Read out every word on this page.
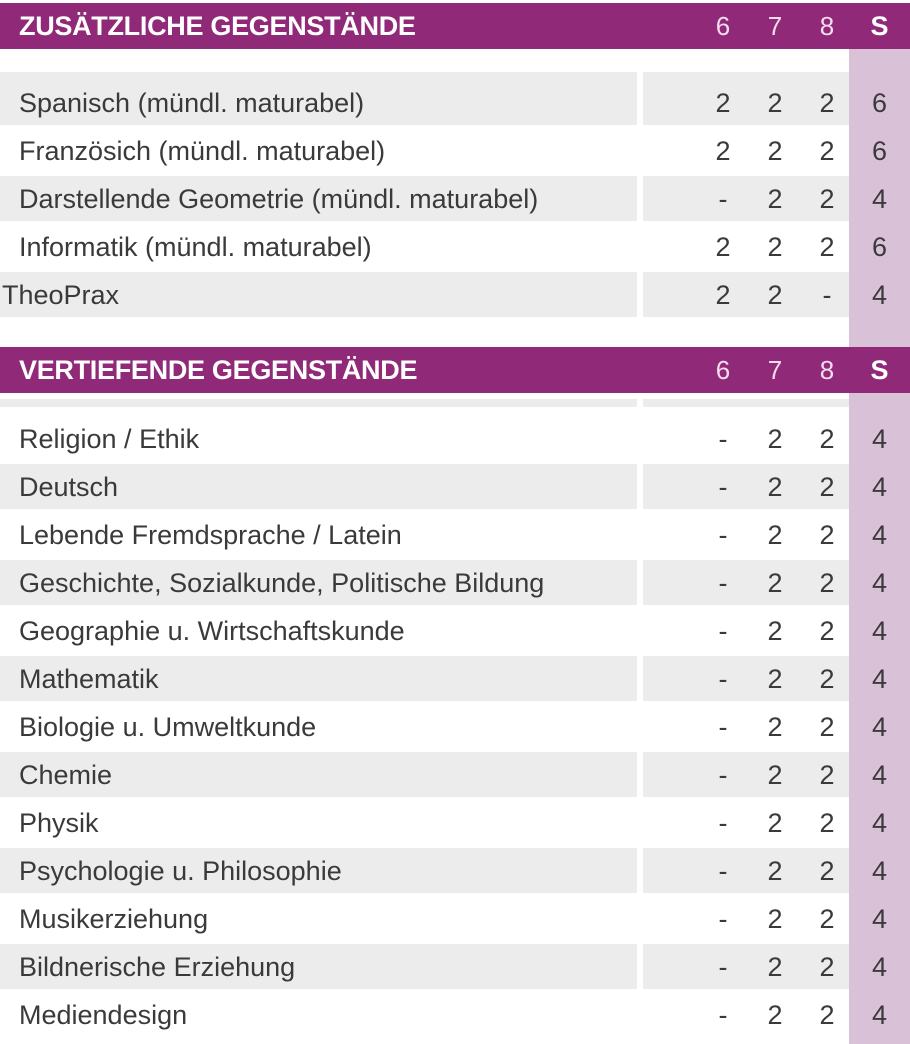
ZUSÄTZLICHE GEGENSTÄNDE	6	7	8	S
Spanisch (mündl. maturabel)	2	2	2	6
Französich (mündl. maturabel)	2	2	2	6
Darstellende Geometrie (mündl. maturabel)	-	2	2	4
Informatik (mündl. maturabel)	2	2	2	6
TheoPrax	2	2	-	4
VERTIEFENDE GEGENSTÄNDE	6	7	8	S
Religion / Ethik	-	2	2	4
Deutsch	-	2	2	4
Lebende Fremdsprache / Latein	-	2	2	4
Geschichte, Sozialkunde, Politische Bildung	-	2	2	4
Geographie u. Wirtschaftskunde	-	2	2	4
Mathematik	-	2	2	4
Biologie u. Umweltkunde	-	2	2	4
Chemie	-	2	2	4
Physik	-	2	2	4
Psychologie u. Philosophie	-	2	2	4
Musikerziehung	-	2	2	4
Bildnerische Erziehung	-	2	2	4
Mediendesign	-	2	2	4
